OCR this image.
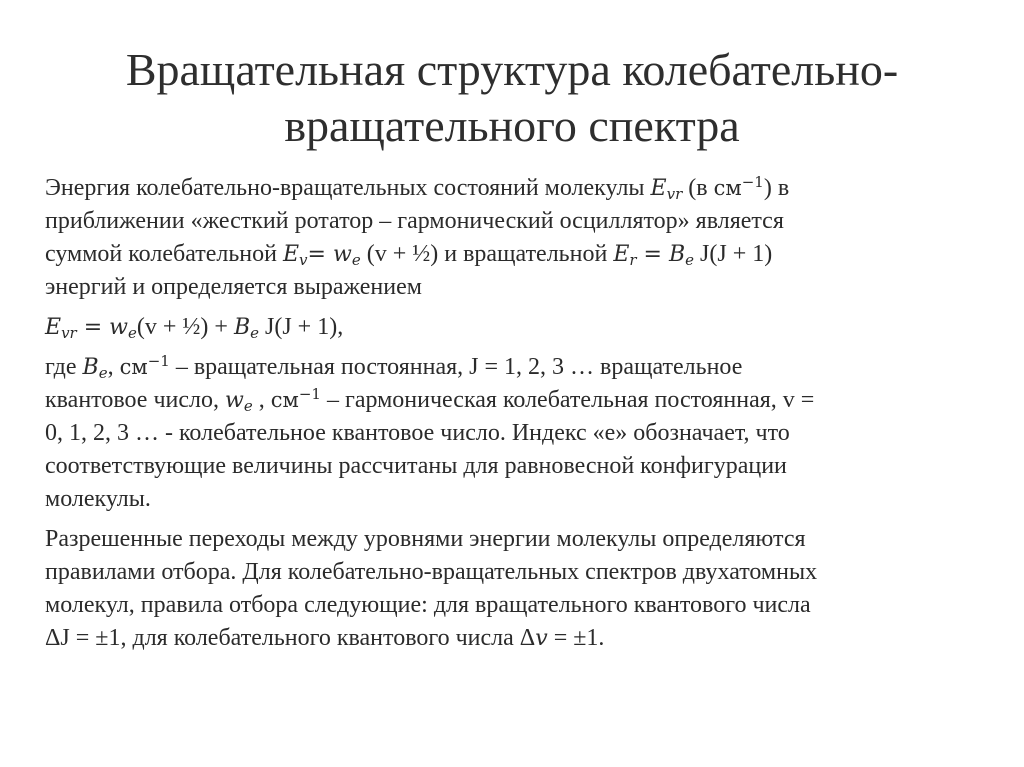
Вращательная структура колебательно-
вращательного спектра
Энергия колебательно-вращательных состояний молекулы $E_{vr}$ (в $см^{-1}$) в
приближении «жесткий ротатор – гармонический осциллятор» является
суммой колебательной $E_v= w_e$ (v + ½) и вращательной $E_r = B_e$ J(J + 1)
энергий и определяется выражением
$E_{vr} = w_e(v$ + ½) + $B_e$ J(J + 1),
где $B_e$, $см^{-1}$ – вращательная постоянная, J = 1, 2, 3 … вращательное
квантовое число, $w_e$ , $см^{-1}$ – гармоническая колебательная постоянная, v =
0, 1, 2, 3 … - колебательное квантовое число. Индекс «е» обозначает, что
соответствующие величины рассчитаны для равновесной конфигурации
молекулы.
Разрешенные переходы между уровнями энергии молекулы определяются
правилами отбора. Для колебательно-вращательных спектров двухатомных
молекул, правила отбора следующие: для вращательного квантового числа
ΔJ = ±1, для колебательного квантового числа Δv = ±1.
